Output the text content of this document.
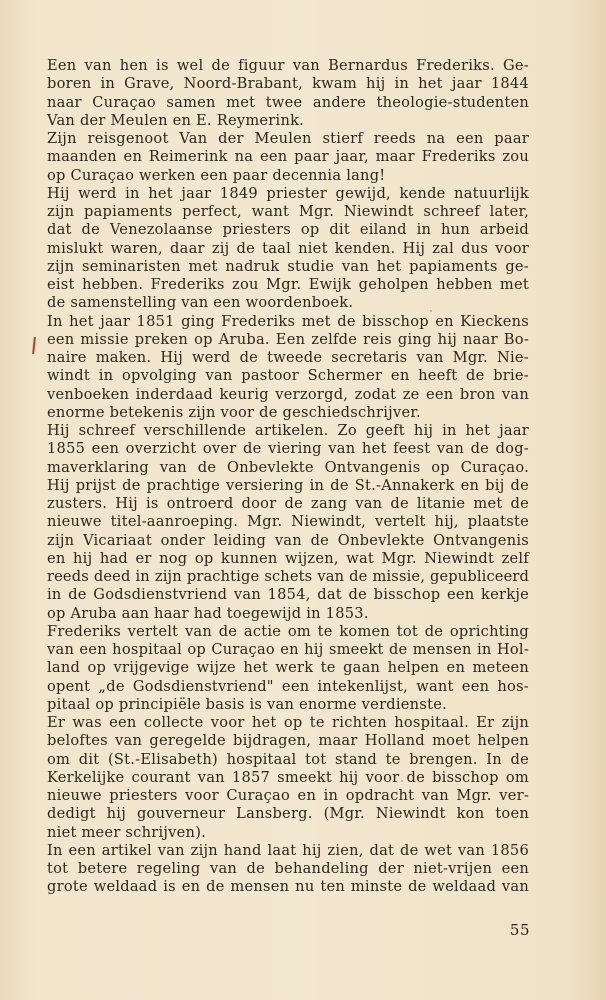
Een van hen is wel de figuur van Bernardus Frederiks. Ge-
boren in Grave, Noord-Brabant, kwam hij in het jaar 1844
naar Curaçao samen met twee andere theologie-studenten
Van der Meulen en E. Reymerink.
Zijn reisgenoot Van der Meulen stierf reeds na een paar
maanden en Reimerink na een paar jaar, maar Frederiks zou
op Curaçao werken een paar decennia lang!
Hij werd in het jaar 1849 priester gewijd, kende natuurlijk
zijn papiaments perfect, want Mgr. Niewindt schreef later,
dat de Venezolaanse priesters op dit eiland in hun arbeid
mislukt waren, daar zij de taal niet kenden. Hij zal dus voor
zijn seminaristen met nadruk studie van het papiaments ge-
eist hebben. Frederiks zou Mgr. Ewijk geholpen hebben met
de samenstelling van een woordenboek.
In het jaar 1851 ging Frederiks met de bisschop en Kieckens
een missie preken op Aruba. Een zelfde reis ging hij naar Bo-
naire maken. Hij werd de tweede secretaris van Mgr. Nie-
windt in opvolging van pastoor Schermer en heeft de brie-
venboeken inderdaad keurig verzorgd, zodat ze een bron van
enorme betekenis zijn voor de geschiedschrijver.
Hij schreef verschillende artikelen. Zo geeft hij in het jaar
1855 een overzicht over de viering van het feest van de dog-
maverklaring van de Onbevlekte Ontvangenis op Curaçao.
Hij prijst de prachtige versiering in de St.-Annakerk en bij de
zusters. Hij is ontroerd door de zang van de litanie met de
nieuwe titel-aanroeping. Mgr. Niewindt, vertelt hij, plaatste
zijn Vicariaat onder leiding van de Onbevlekte Ontvangenis
en hij had er nog op kunnen wijzen, wat Mgr. Niewindt zelf
reeds deed in zijn prachtige schets van de missie, gepubliceerd
in de Godsdienstvriend van 1854, dat de bisschop een kerkje
op Aruba aan haar had toegewijd in 1853.
Frederiks vertelt van de actie om te komen tot de oprichting
van een hospitaal op Curaçao en hij smeekt de mensen in Hol-
land op vrijgevige wijze het werk te gaan helpen en meteen
opent „de Godsdienstvriend" een intekenlijst, want een hos-
pitaal op principiële basis is van enorme verdienste.
Er was een collecte voor het op te richten hospitaal. Er zijn
beloftes van geregelde bijdragen, maar Holland moet helpen
om dit (St.-Elisabeth) hospitaal tot stand te brengen. In de
Kerkelijke courant van 1857 smeekt hij voor de bisschop om
nieuwe priesters voor Curaçao en in opdracht van Mgr. ver-
dedigt hij gouverneur Lansberg. (Mgr. Niewindt kon toen
niet meer schrijven).
In een artikel van zijn hand laat hij zien, dat de wet van 1856
tot betere regeling van de behandeling der niet-vrijen een
grote weldaad is en de mensen nu ten minste de weldaad van
55
